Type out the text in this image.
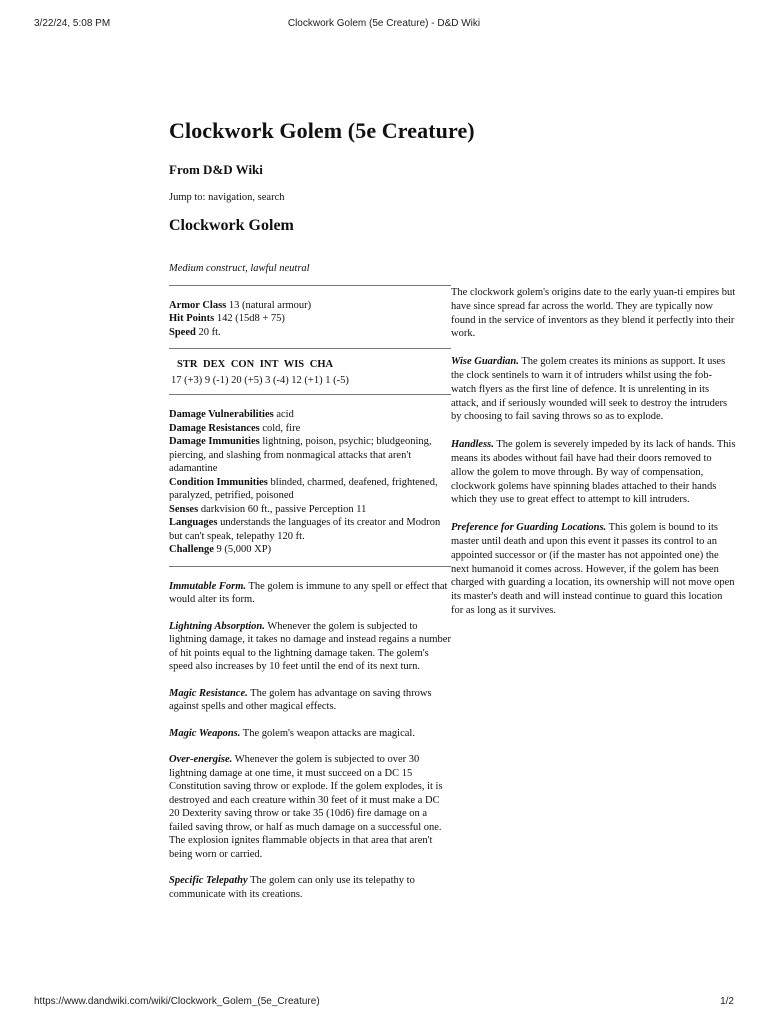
3/22/24, 5:08 PM	Clockwork Golem (5e Creature) - D&D Wiki
Clockwork Golem (5e Creature)
From D&D Wiki
Jump to: navigation, search
Clockwork Golem

Medium construct, lawful neutral

Armor Class 13 (natural armour)

Hit Points 142 (15d8 + 75)

Speed 20 ft.

STR DEX CON INT WIS CHA

17 (+3) 9 (-1) 20 (+5) 3 (-4) 12 (+1) 1 (-5)

Damage Vulnerabilities acid

Damage Resistances cold, fire

Damage Immunities lightning, poison, psychic; bludgeoning, piercing, and slashing from nonmagical attacks that aren't adamantine

Condition Immunities blinded, charmed, deafened, frightened, paralyzed, petrified, poisoned

Senses darkvision 60 ft., passive Perception 11

Languages understands the languages of its creator and Modron but can't speak, telepathy 120 ft.

Challenge 9 (5,000 XP)

Immutable Form. The golem is immune to any spell or effect that would alter its form.

Lightning Absorption. Whenever the golem is subjected to lightning damage, it takes no damage and instead regains a number of hit points equal to the lightning damage taken. The golem's speed also increases by 10 feet until the end of its next turn.

Magic Resistance. The golem has advantage on saving throws against spells and other magical effects.

Magic Weapons. The golem's weapon attacks are magical.

Over-energise. Whenever the golem is subjected to over 30 lightning damage at one time, it must succeed on a DC 15 Constitution saving throw or explode. If the golem explodes, it is destroyed and each creature within 30 feet of it must make a DC 20 Dexterity saving throw or take 35 (10d6) fire damage on a failed saving throw, or half as much damage on a successful one. The explosion ignites flammable objects in that area that aren't being worn or carried.

Specific Telepathy The golem can only use its telepathy to communicate with its creations.

The clockwork golem's origins date to the early yuan-ti empires but have since spread far across the world. They are typically now found in the service of inventors as they blend it perfectly into their work.

Wise Guardian. The golem creates its minions as support. It uses the clock sentinels to warn it of intruders whilst using the fob-watch flyers as the first line of defence. It is unrelenting in its attack, and if seriously wounded will seek to destroy the intruders by choosing to fail saving throws so as to explode.

Handless. The golem is severely impeded by its lack of hands. This means its abodes without fail have had their doors removed to allow the golem to move through. By way of compensation, clockwork golems have spinning blades attached to their hands which they use to great effect to attempt to kill intruders.

Preference for Guarding Locations. This golem is bound to its master until death and upon this event it passes its control to an appointed successor or (if the master has not appointed one) the next humanoid it comes across. However, if the golem has been charged with guarding a location, its ownership will not move open its master's death and will instead continue to guard this location for as long as it survives.

https://www.dandwiki.com/wiki/Clockwork_Golem_(5e_Creature)	1/2
